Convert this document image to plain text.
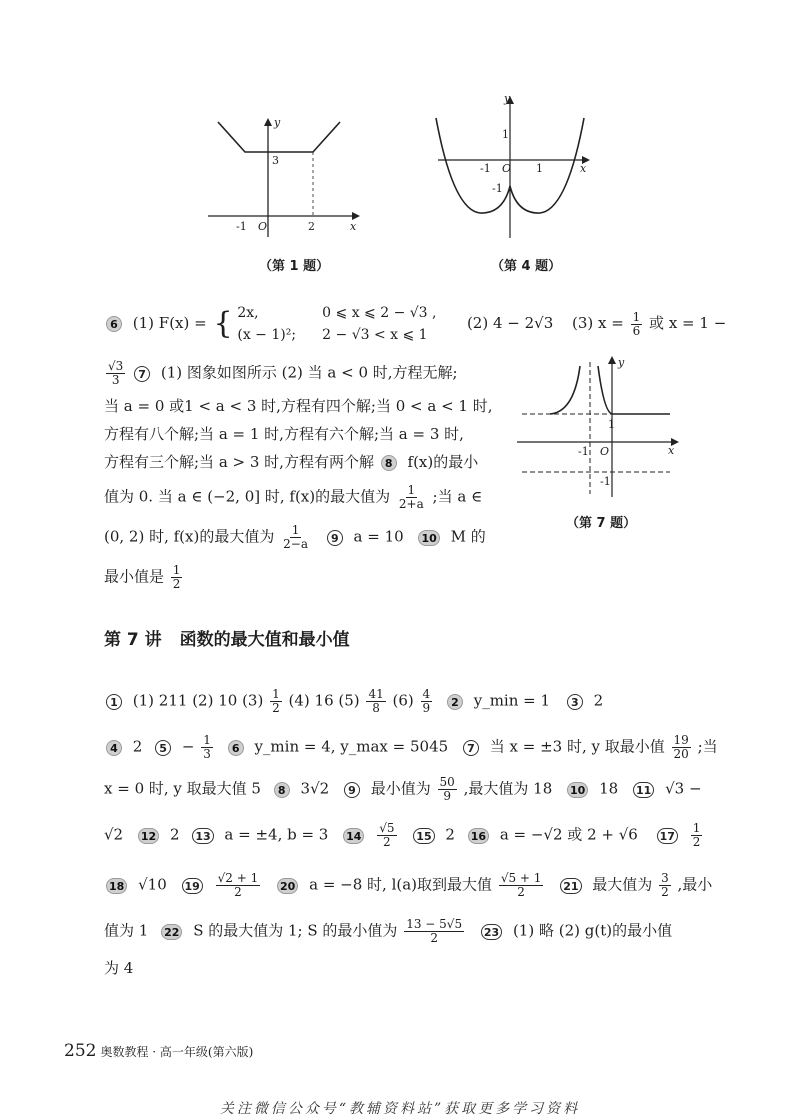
y
x
3
-1 O	2
（第 1 题）
y
x
1
-1 O 1
-1
（第 4 题）
6 (1) F(x) = { 2x,
(x − 1)²;

0 ⩽ x ⩽ 2 − √3 ,
2 − √3 < x ⩽ 1
(2) 4 − 2√3 (3) $x = \frac{1}{6}$ 或 x = 1 −
$\frac{√3}{3} 7$ (1) 图象如图所示 (2) 当 a < 0 时,方程无解;
当 a = 0 或1 < a < 3 时,方程有四个解;当 0 < a < 1 时,
方程有八个解;当 a = 1 时,方程有六个解;当 a = 3 时,
方程有三个解;当 a > 3 时,方程有两个解 8 f(x)的最小
值为 0. 当 a ∈ (−2, 0] 时, f(x)的最大值为 $\frac{1}{2+a}$ ;当 a ∈
(0, 2) 时, f(x)的最大值为 $\frac{1}{2-a} 9$ a = 10 10 M 的
最小值是 $\frac{1}{2}$
y
x
1
-1 O
-1
（第 7 题）
第 7 讲 函数的最大值和最小值
1 (1) 211 (2) 10 $(3) \frac{1}{2} (4)$ 16 $(5) \frac{41}{8} (6) \frac{4}{9} 2$ y_min = 1 3 2
4 2 $5 - \frac{1}{3} 6$ y_min = 4, y_max = 5045 7 当 x = ±3 时, y 取最小值 $\frac{19}{20}$ ;当
x = 0 时, y 取最大值 5 8 3√2 9 最小值为 $\frac{50}{9}$ ,最大值为 18 10 18 11 √3 −
√2 12 2 13 a = ±4, b = 3 $14 \frac{√5}{2} 15$ 2 16 a = −√2 或 2 + √6 $17 \frac{1}{2}$
18 √10 $19 \frac{√2 + 1}{2} 20$ a = −8 时, l(a)取到最大值 $\frac{√5 + 1}{2} 21$ 最大值为 $\frac{3}{2}$ ,最小
值为 1 22 S 的最大值为 1; S 的最小值为 $\frac{13 - 5√5}{2} 23$ (1) 略 (2) g(t)的最小值
为 4
252 奥数教程 · 高一年级(第六版)
关注微信公众号“教辅资料站”获取更多学习资料
